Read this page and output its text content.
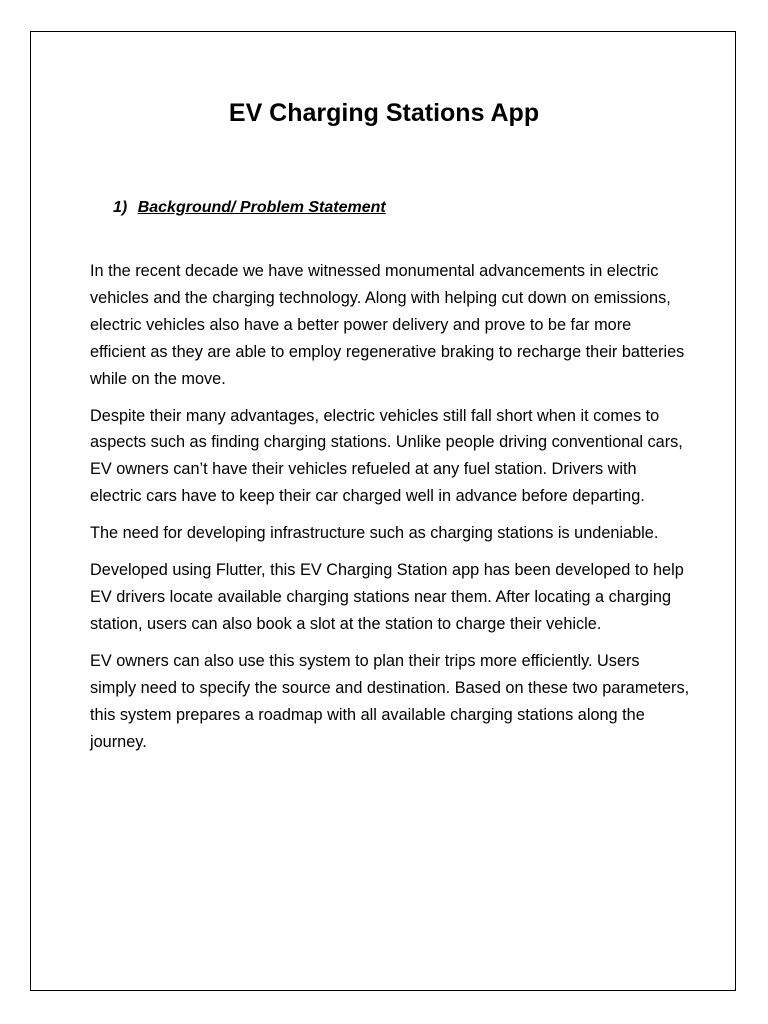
EV Charging Stations App
1) Background/ Problem Statement

In the recent decade we have witnessed monumental advancements in electric vehicles and the charging technology. Along with helping cut down on emissions, electric vehicles also have a better power delivery and prove to be far more efficient as they are able to employ regenerative braking to recharge their batteries while on the move.

Despite their many advantages, electric vehicles still fall short when it comes to aspects such as finding charging stations. Unlike people driving conventional cars, EV owners can’t have their vehicles refueled at any fuel station. Drivers with electric cars have to keep their car charged well in advance before departing.

The need for developing infrastructure such as charging stations is undeniable.

Developed using Flutter, this EV Charging Station app has been developed to help EV drivers locate available charging stations near them. After locating a charging station, users can also book a slot at the station to charge their vehicle.

EV owners can also use this system to plan their trips more efficiently. Users simply need to specify the source and destination. Based on these two parameters, this system prepares a roadmap with all available charging stations along the journey.
